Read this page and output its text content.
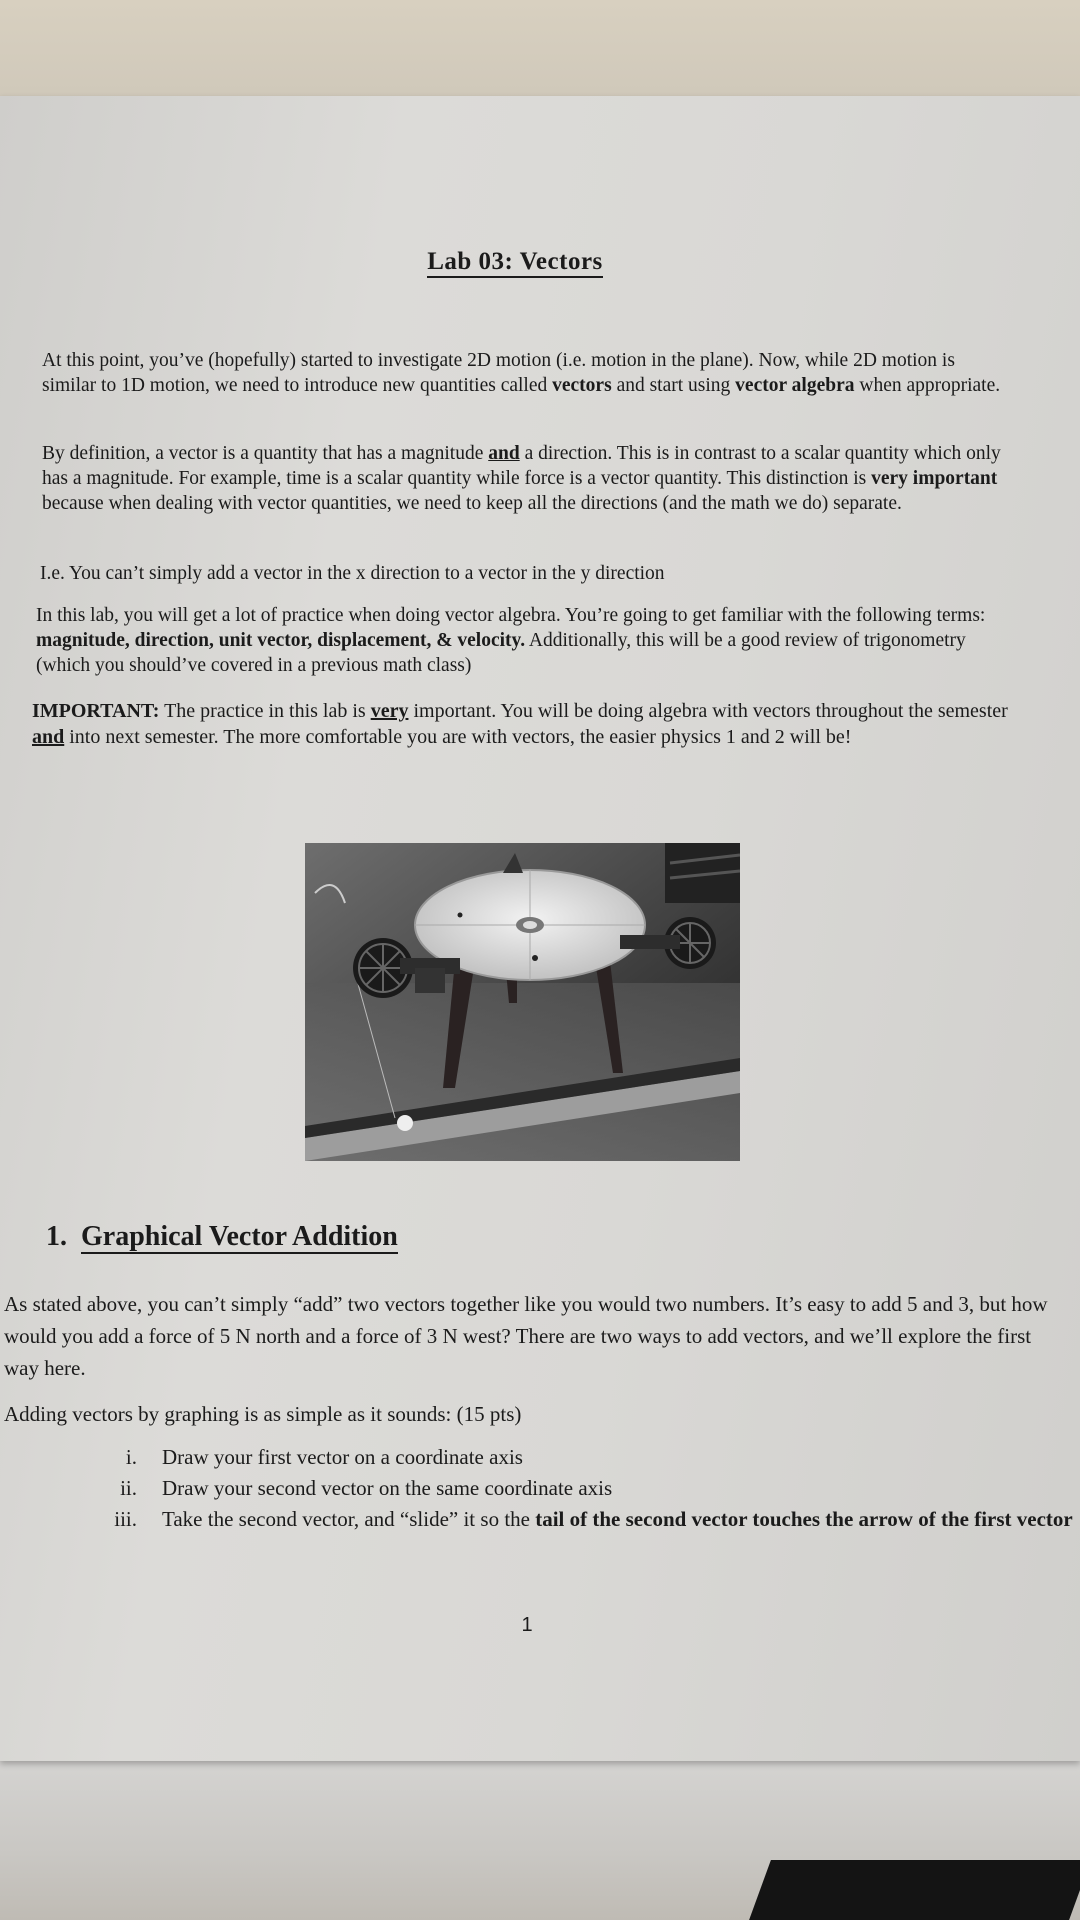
Lab 03: Vectors
At this point, you’ve (hopefully) started to investigate 2D motion (i.e. motion in the plane). Now, while 2D motion is similar to 1D motion, we need to introduce new quantities called vectors and start using vector algebra when appropriate.
By definition, a vector is a quantity that has a magnitude and a direction. This is in contrast to a scalar quantity which only has a magnitude. For example, time is a scalar quantity while force is a vector quantity. This distinction is very important because when dealing with vector quantities, we need to keep all the directions (and the math we do) separate.
I.e. You can’t simply add a vector in the x direction to a vector in the y direction
In this lab, you will get a lot of practice when doing vector algebra. You’re going to get familiar with the following terms: magnitude, direction, unit vector, displacement, & velocity. Additionally, this will be a good review of trigonometry (which you should’ve covered in a previous math class)
IMPORTANT: The practice in this lab is very important. You will be doing algebra with vectors throughout the semester and into next semester. The more comfortable you are with vectors, the easier physics 1 and 2 will be!
1. Graphical Vector Addition
As stated above, you can’t simply “add” two vectors together like you would two numbers. It’s easy to add 5 and 3, but how would you add a force of 5 N north and a force of 3 N west? There are two ways to add vectors, and we’ll explore the first way here.
Adding vectors by graphing is as simple as it sounds: (15 pts)
i.	Draw your first vector on a coordinate axis
ii.	Draw your second vector on the same coordinate axis
iii.	Take the second vector, and “slide” it so the tail of the second vector touches the arrow of the first vector
1
